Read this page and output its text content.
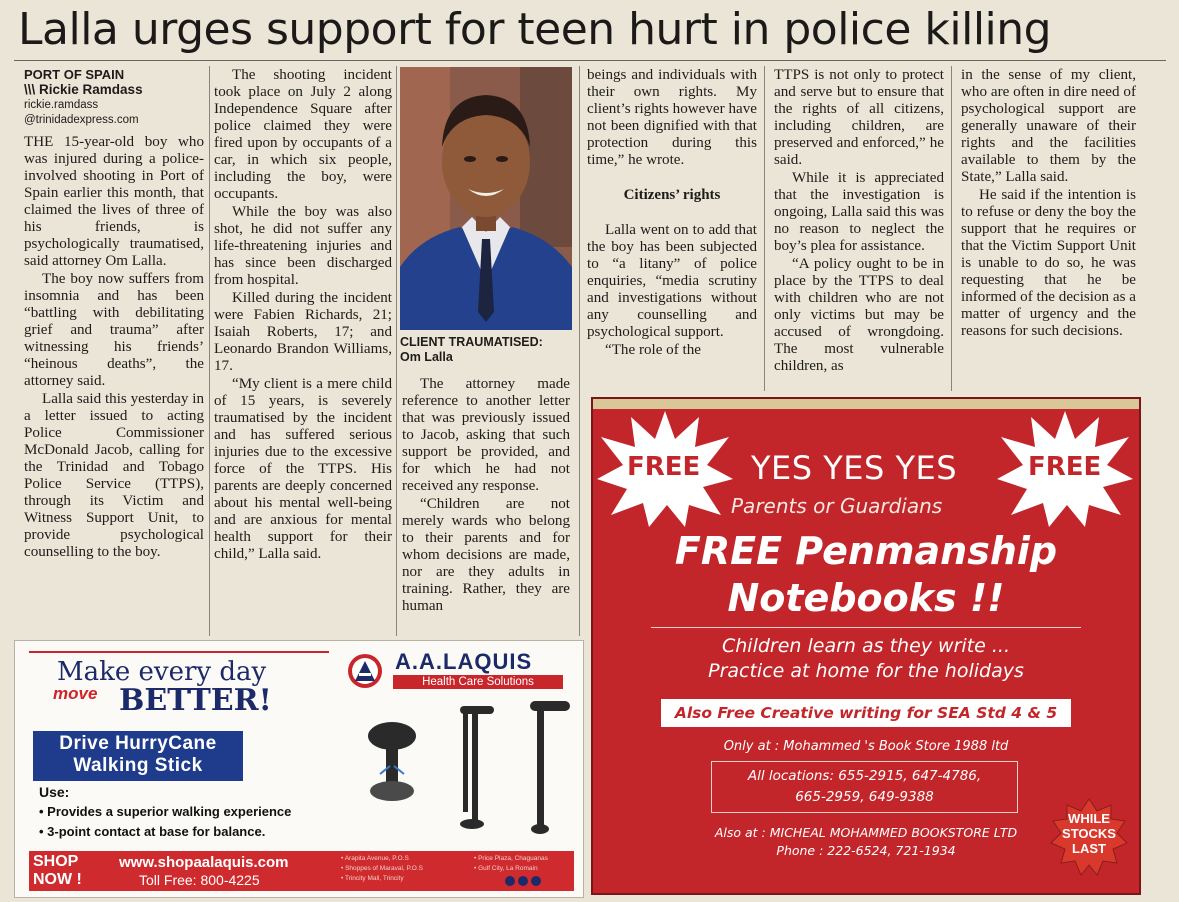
Lalla urges support for teen hurt in police killing
PORT OF SPAIN
\\\ Rickie Ramdass
rickie.ramdass
@trinidadexpress.com

THE 15-year-old boy who was injured during a police-involved shooting in Port of Spain earlier this month, that claimed the lives of three of his friends, is psychologically traumatised, said attorney Om Lalla.

The boy now suffers from insomnia and has been “battling with debilitating grief and trauma” after witnessing his friends’ “heinous deaths”, the attorney said.

Lalla said this yesterday in a letter issued to acting Police Commissioner McDonald Jacob, calling for the Trinidad and Tobago Police Service (TTPS), through its Victim and Witness Support Unit, to provide psychological counselling to the boy.

The shooting incident took place on July 2 along Independence Square after police claimed they were fired upon by occupants of a car, in which six people, including the boy, were occupants.

While the boy was also shot, he did not suffer any life-threatening injuries and has since been discharged from hospital.

Killed during the incident were Fabien Richards, 21; Isaiah Roberts, 17; and Leonardo Brandon Williams, 17.

“My client is a mere child of 15 years, is severely traumatised by the incident and has suffered serious injuries due to the excessive force of the TTPS. His parents are deeply concerned about his mental well-being and are anxious for mental health support for their child,” Lalla said.

CLIENT TRAUMATISED:
Om Lalla

The attorney made reference to another letter that was previously issued to Jacob, asking that such support be provided, and for which he had not received any response.

“Children are not merely wards who belong to their parents and for whom decisions are made, nor are they adults in training. Rather, they are human

beings and individuals with their own rights. My client’s rights however have not been dignified with that protection during this time,” he wrote.

Citizens’ rights

Lalla went on to add that the boy has been subjected to “a litany” of police enquiries, “media scrutiny and investigations without any counselling and psychological support.

“The role of the

TTPS is not only to protect and serve but to ensure that the rights of all citizens, including children, are preserved and enforced,” he said.

While it is appreciated that the investigation is ongoing, Lalla said this was no reason to neglect the boy’s plea for assistance.

“A policy ought to be in place by the TTPS to deal with children who are not only victims but may be accused of wrongdoing. The most vulnerable children, as

in the sense of my client, who are often in dire need of psychological support are generally unaware of their rights and the facilities available to them by the State,” Lalla said.

He said if the intention is to refuse or deny the boy the support that he requires or that the Victim Support Unit is unable to do so, he was requesting that he be informed of the decision as a matter of urgency and the reasons for such decisions.

Make every day
move BETTER!
Drive HurryCane
Walking Stick
Use:
• Provides a superior walking experience
• 3-point contact at base for balance.
A.A.LAQUIS
Health Care Solutions
SHOP
NOW !
www.shopaalaquis.com
Toll Free: 800-4225
• Arapita Avenue, P.O.S
• Shoppes of Maraval, P.O.S
• Trincity Mall, Trincity
• Price Plaza, Chaguanas
• Gulf City, La Romain
FREE	FREE
YES YES YES
Parents or Guardians
FREE Penmanship
Notebooks !!
Children learn as they write ...
Practice at home for the holidays
Also Free Creative writing for SEA Std 4 & 5
Only at : Mohammed 's Book Store 1988 ltd
All locations: 655-2915, 647-4786,
665-2959, 649-9388
Also at : MICHEAL MOHAMMED BOOKSTORE LTD
Phone : 222-6524, 721-1934
WHILE
STOCKS
LAST
